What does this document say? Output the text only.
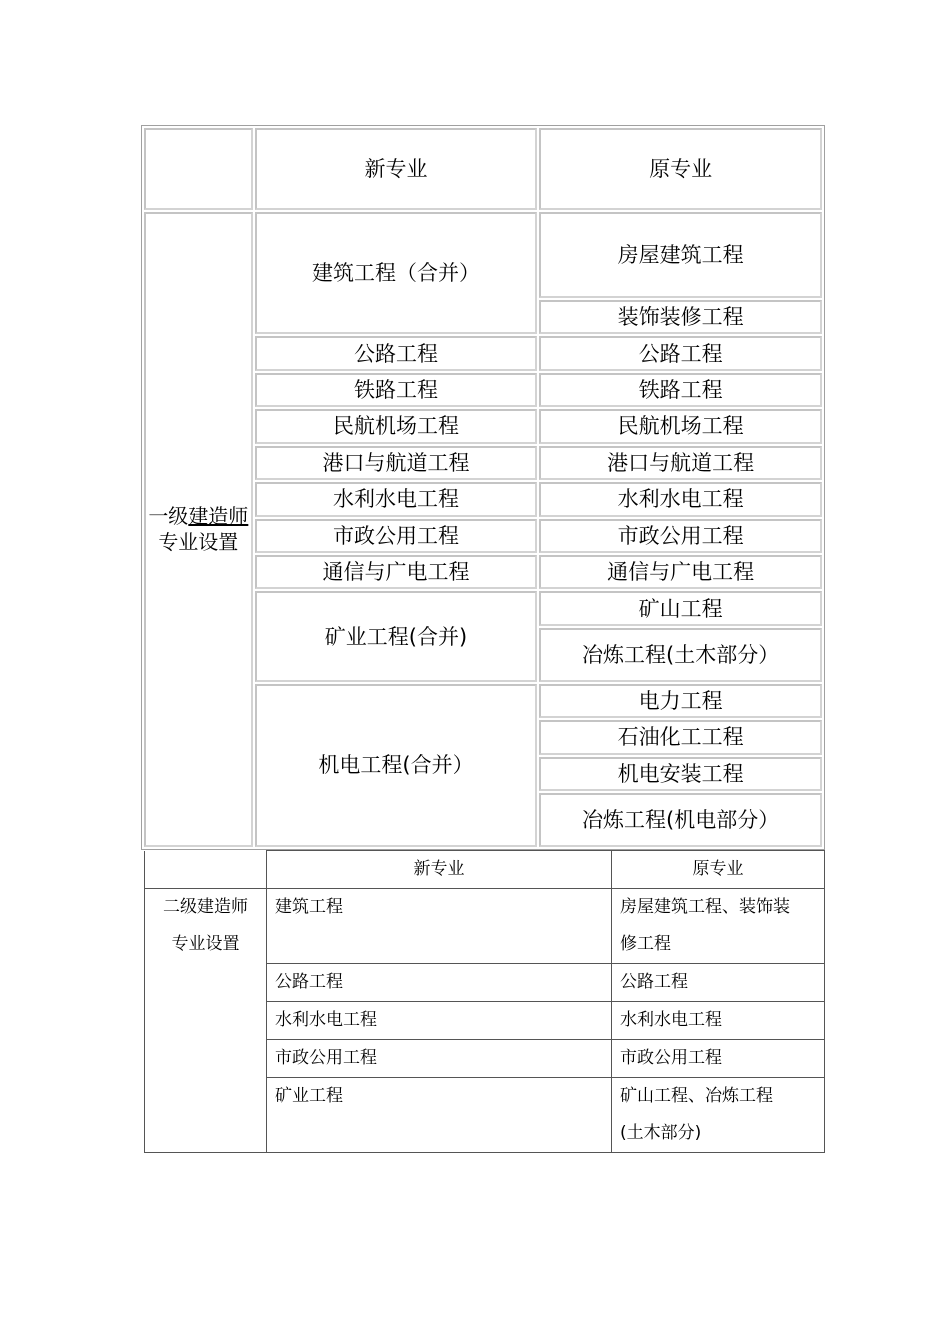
	新专业	原专业
一级建造师
专业设置	建筑工程（合并）	房屋建筑工程
		装饰装修工程
	公路工程	公路工程
	铁路工程	铁路工程
	民航机场工程	民航机场工程
	港口与航道工程	港口与航道工程
	水利水电工程	水利水电工程
	市政公用工程	市政公用工程
	通信与广电工程	通信与广电工程
	矿业工程(合并)	矿山工程
		冶炼工程(土木部分）
	机电工程(合并）	电力工程
		石油化工工程
		机电安装工程
		冶炼工程(机电部分）
	新专业	原专业
二级建造师
专业设置	建筑工程	房屋建筑工程、装饰装
修工程
	公路工程	公路工程
	水利水电工程	水利水电工程
	市政公用工程	市政公用工程
	矿业工程	矿山工程、冶炼工程
(土木部分)
